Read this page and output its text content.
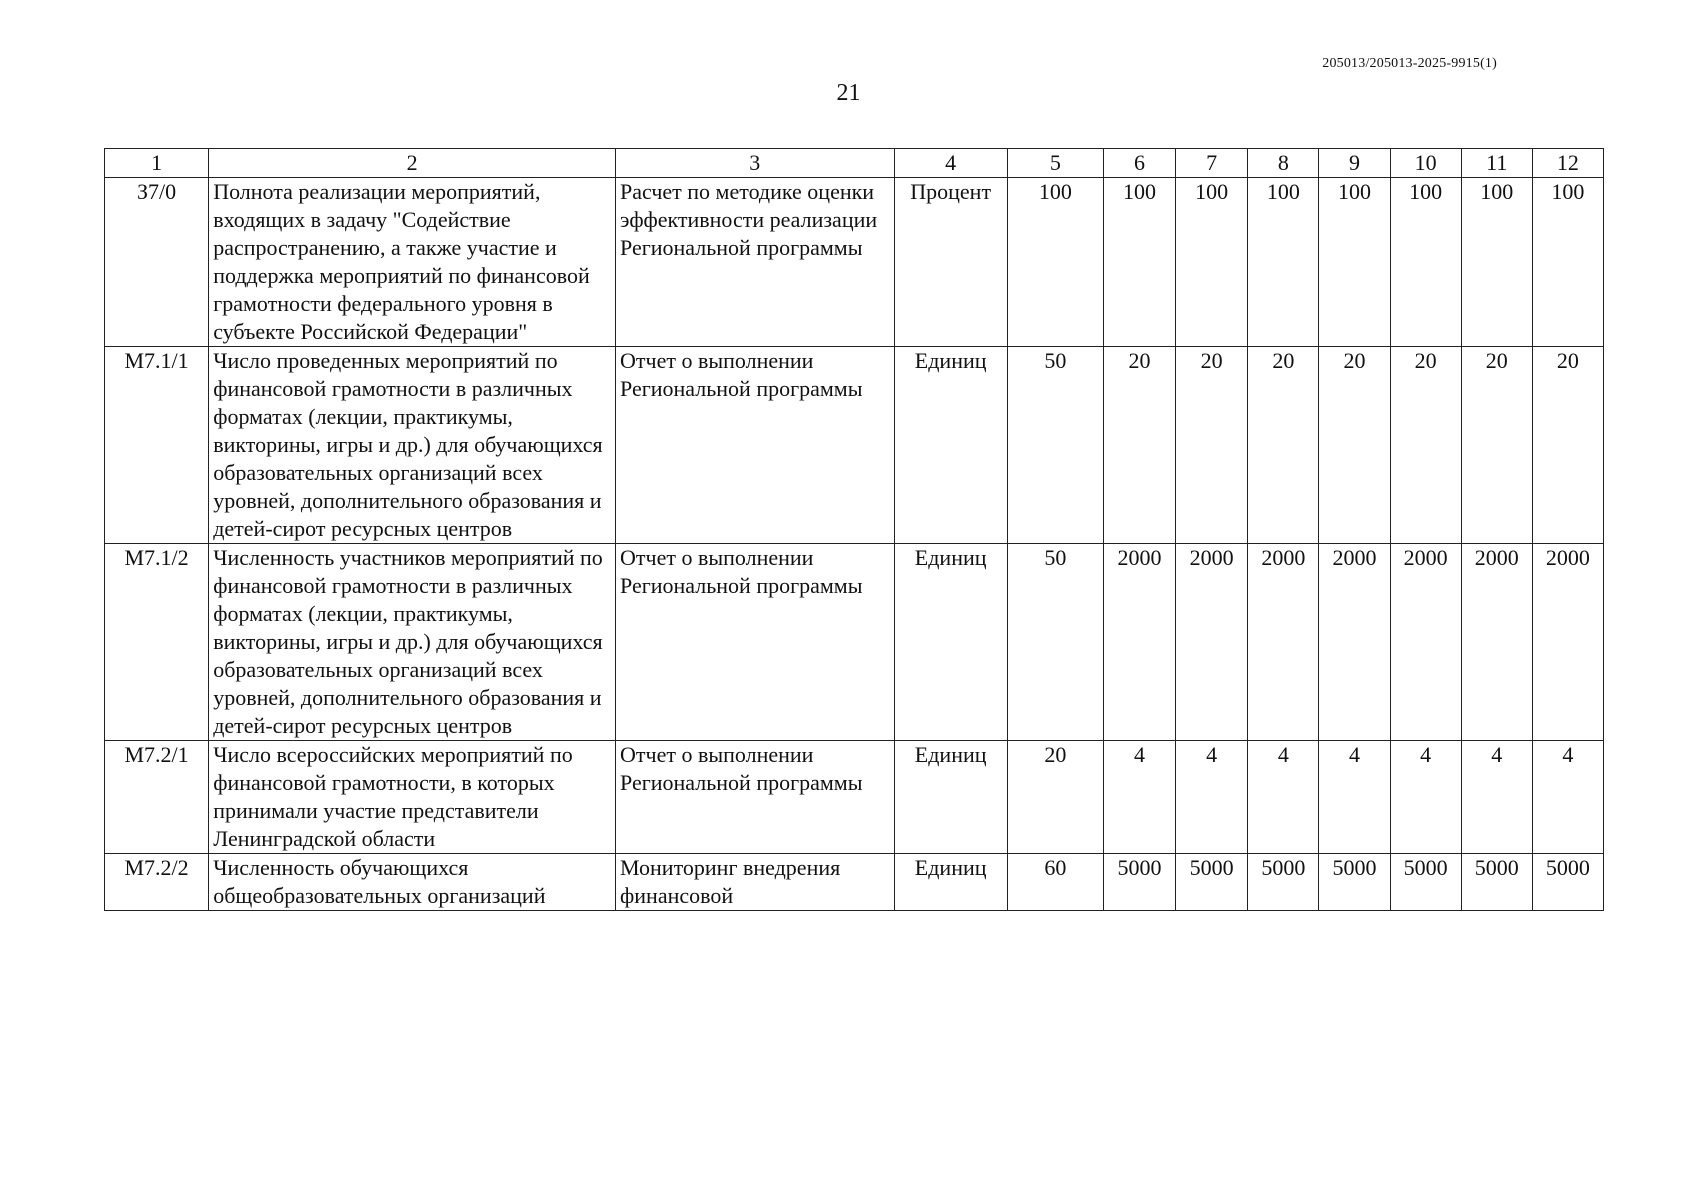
205013/205013-2025-9915(1)
21
1	2	3	4	5	6	7	8	9	10	11	12
З7/0	Полнота реализации мероприятий, входящих в задачу "Содействие распространению, а также участие и поддержка мероприятий по финансовой грамотности федерального уровня в субъекте Российской Федерации"	Расчет по методике оценки эффективности реализации Региональной программы	Процент	100	100	100	100	100	100	100	100
М7.1/1	Число проведенных мероприятий по финансовой грамотности в различных форматах (лекции, практикумы, викторины, игры и др.) для обучающихся образовательных организаций всех уровней, дополнительного образования и детей-сирот ресурсных центров	Отчет о выполнении Региональной программы	Единиц	50	20	20	20	20	20	20	20
М7.1/2	Численность участников мероприятий по финансовой грамотности в различных форматах (лекции, практикумы, викторины, игры и др.) для обучающихся образовательных организаций всех уровней, дополнительного образования и детей-сирот ресурсных центров	Отчет о выполнении Региональной программы	Единиц	50	2000	2000	2000	2000	2000	2000	2000
М7.2/1	Число всероссийских мероприятий по финансовой грамотности, в которых принимали участие представители Ленинградской области	Отчет о выполнении Региональной программы	Единиц	20	4	4	4	4	4	4	4
М7.2/2	Численность обучающихся общеобразовательных организаций	Мониторинг внедрения финансовой	Единиц	60	5000	5000	5000	5000	5000	5000	5000
